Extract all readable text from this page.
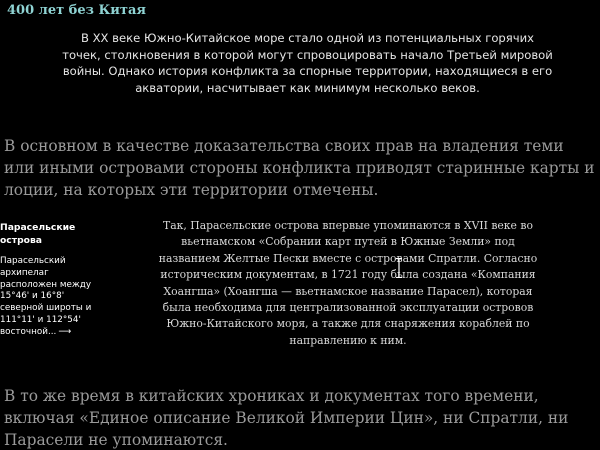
400 лет без Китая

В XX веке Южно-Китайское море стало одной из потенциальных горячих точек, столкновения в которой могут спровоцировать начало Третьей мировой войны. Однако история конфликта за спорные территории, находящиеся в его акватории, насчитывает как минимум несколько веков.

В основном в качестве доказательства своих прав на владения теми или иными островами стороны конфликта приводят старинные карты и лоции, на которых эти территории отмечены.

Парасельские острова

Парасельский архипелаг расположен между 15°46' и 16°8' северной широты и 111°11' и 112°54' восточной... ⟶

Так, Парасельские острова впервые упоминаются в XVII веке во вьетнамском «Собрании карт путей в Южные Земли» под названием Желтые Пески вместе с островами Спратли. Согласно историческим документам, в 1721 году была создана «Компания Хоангша» (Хоангша — вьетнамское название Парасел), которая была необходима для централизованной эксплуатации островов Южно-Китайского моря, а также для снаряжения кораблей по направлению к ним.

В то же время в китайских хрониках и документах того времени, включая «Единое описание Великой Империи Цин», ни Спратли, ни Парасели не упоминаются.
